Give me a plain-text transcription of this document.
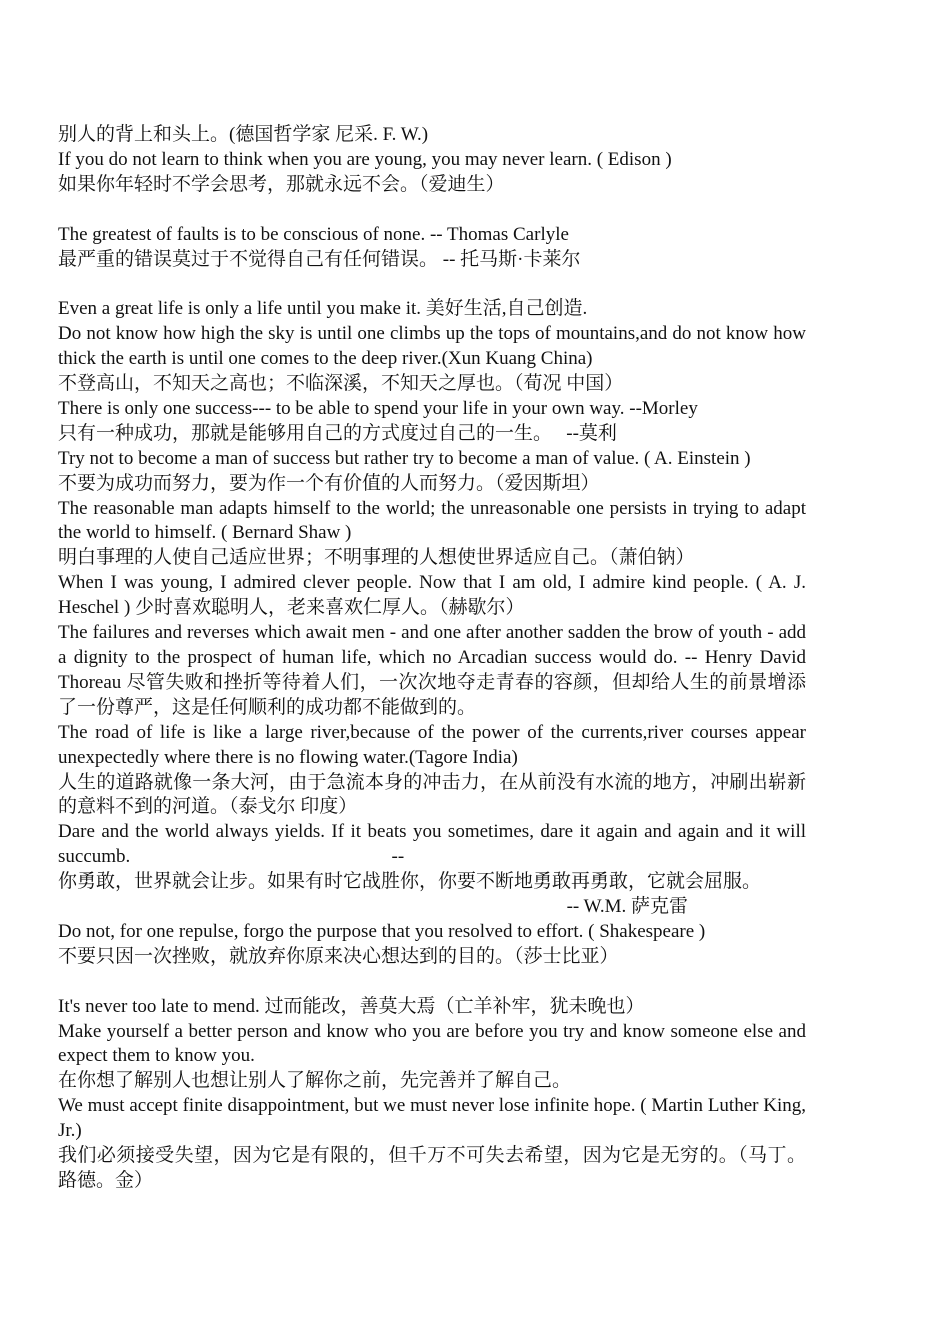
别人的背上和头上。(德国哲学家 尼采. F. W.)
If you do not learn to think when you are young, you may never learn. ( Edison )
如果你年轻时不学会思考，那就永远不会。（爱迪生）
The greatest of faults is to be conscious of none. -- Thomas Carlyle
最严重的错误莫过于不觉得自己有任何错误。 -- 托马斯·卡莱尔
Even a great life is only a life until you make it. 美好生活,自己创造.
Do not know how high the sky is until one climbs up the tops of mountains,and do not know how thick the earth is until one comes to the deep river.(Xun Kuang China)
不登高山，不知天之高也；不临深溪，不知天之厚也。（荀况 中国）
There is only one success--- to be able to spend your life in your own way. --Morley
只有一种成功，那就是能够用自己的方式度过自己的一生。   --莫利
Try not to become a man of success but rather try to become a man of value. ( A. Einstein )
不要为成功而努力，要为作一个有价值的人而努力。（爱因斯坦）
The reasonable man adapts himself to the world; the unreasonable one persists in trying to adapt the world to himself. ( Bernard Shaw )
明白事理的人使自己适应世界；不明事理的人想使世界适应自己。（萧伯钠）
When I was young, I admired clever people. Now that I am old, I admire kind people. ( A. J. Heschel ) 少时喜欢聪明人，老来喜欢仁厚人。（赫歇尔）
The failures and reverses which await men - and one after another sadden the brow of youth - add a dignity to the prospect of human life, which no Arcadian success would do. -- Henry David Thoreau 尽管失败和挫折等待着人们，一次次地夺走青春的容颜，但却给人生的前景增添了一份尊严，这是任何顺利的成功都不能做到的。
The road of life is like a large river,because of the power of the currents,river courses appear unexpectedly where there is no flowing water.(Tagore India)
人生的道路就像一条大河，由于急流本身的冲击力，在从前没有水流的地方，冲刷出崭新的意料不到的河道。（泰戈尔 印度）
Dare and the world always yields. If it beats you sometimes, dare it again and again and it will succumb.                                                       --
你勇敢，世界就会让步。如果有时它战胜你，你要不断地勇敢再勇敢，它就会屈服。
-- W.M. 萨克雷
Do not, for one repulse, forgo the purpose that you resolved to effort. ( Shakespeare )
不要只因一次挫败，就放弃你原来决心想达到的目的。（莎士比亚）
It's never too late to mend. 过而能改，善莫大焉（亡羊补牢，犹未晚也）
Make yourself a better person and know who you are before you try and know someone else and expect them to know you.
在你想了解别人也想让别人了解你之前，先完善并了解自己。
We must accept finite disappointment, but we must never lose infinite hope. ( Martin Luther King, Jr.)
我们必须接受失望，因为它是有限的，但千万不可失去希望，因为它是无穷的。（马丁。路德。金）
